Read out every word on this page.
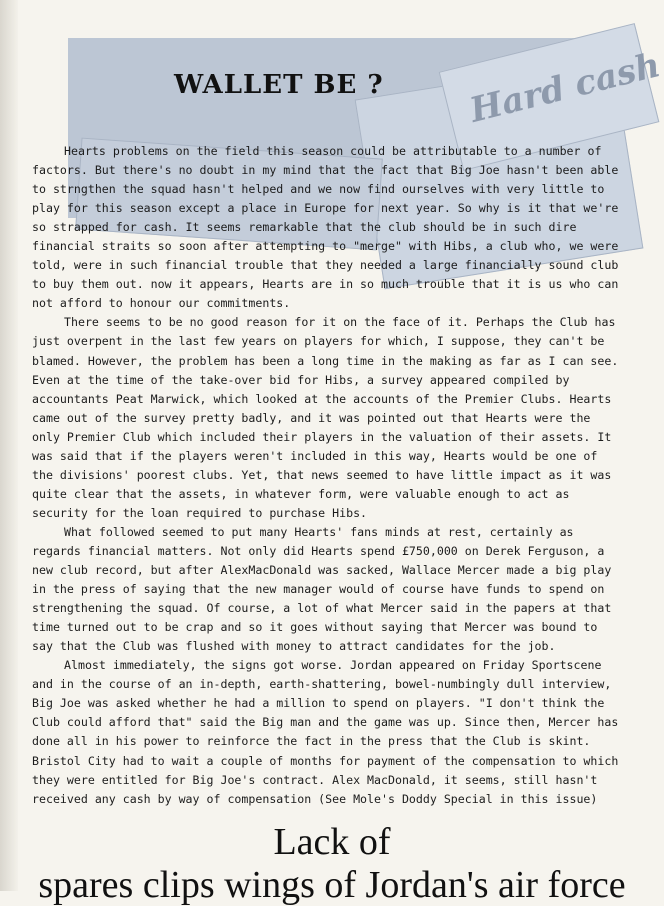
Hard cash
WALLET BE ?

Hearts problems on the field this season could be attributable to a number of factors. But there's no doubt in my mind that the fact that Big Joe hasn't been able to strngthen the squad hasn't helped and we now find ourselves with very little to play for this season except a place in Europe for next year. So why is it that we're so strapped for cash. It seems remarkable that the club should be in such dire financial straits so soon after attempting to "merge" with Hibs, a club who, we were told, were in such financial trouble that they needed a large financially sound club to buy them out. now it appears, Hearts are in so much trouble that it is us who can not afford to honour our commitments.

There seems to be no good reason for it on the face of it. Perhaps the Club has just overpent in the last few years on players for which, I suppose, they can't be blamed. However, the problem has been a long time in the making as far as I can see. Even at the time of the take-over bid for Hibs, a survey appeared compiled by accountants Peat Marwick, which looked at the accounts of the Premier Clubs. Hearts came out of the survey pretty badly, and it was pointed out that Hearts were the only Premier Club which included their players in the valuation of their assets. It was said that if the players weren't included in this way, Hearts would be one of the divisions' poorest clubs. Yet, that news seemed to have little impact as it was quite clear that the assets, in whatever form, were valuable enough to act as security for the loan required to purchase Hibs.

What followed seemed to put many Hearts' fans minds at rest, certainly as regards financial matters. Not only did Hearts spend £750,000 on Derek Ferguson, a new club record, but after AlexMacDonald was sacked, Wallace Mercer made a big play in the press of saying that the new manager would of course have funds to spend on strengthening the squad. Of course, a lot of what Mercer said in the papers at that time turned out to be crap and so it goes without saying that Mercer was bound to say that the Club was flushed with money to attract candidates for the job.

Almost immediately, the signs got worse. Jordan appeared on Friday Sportscene and in the course of an in-depth, earth-shattering, bowel-numbingly dull interview, Big Joe was asked whether he had a million to spend on players. "I don't think the Club could afford that" said the Big man and the game was up. Since then, Mercer has done all in his power to reinforce the fact in the press that the Club is skint. Bristol City had to wait a couple of months for payment of the compensation to which they were entitled for Big Joe's contract. Alex MacDonald, it seems, still hasn't received any cash by way of compensation (See Mole's Doddy Special in this issue)

Lack of
spares clips wings of Jordan's air force
